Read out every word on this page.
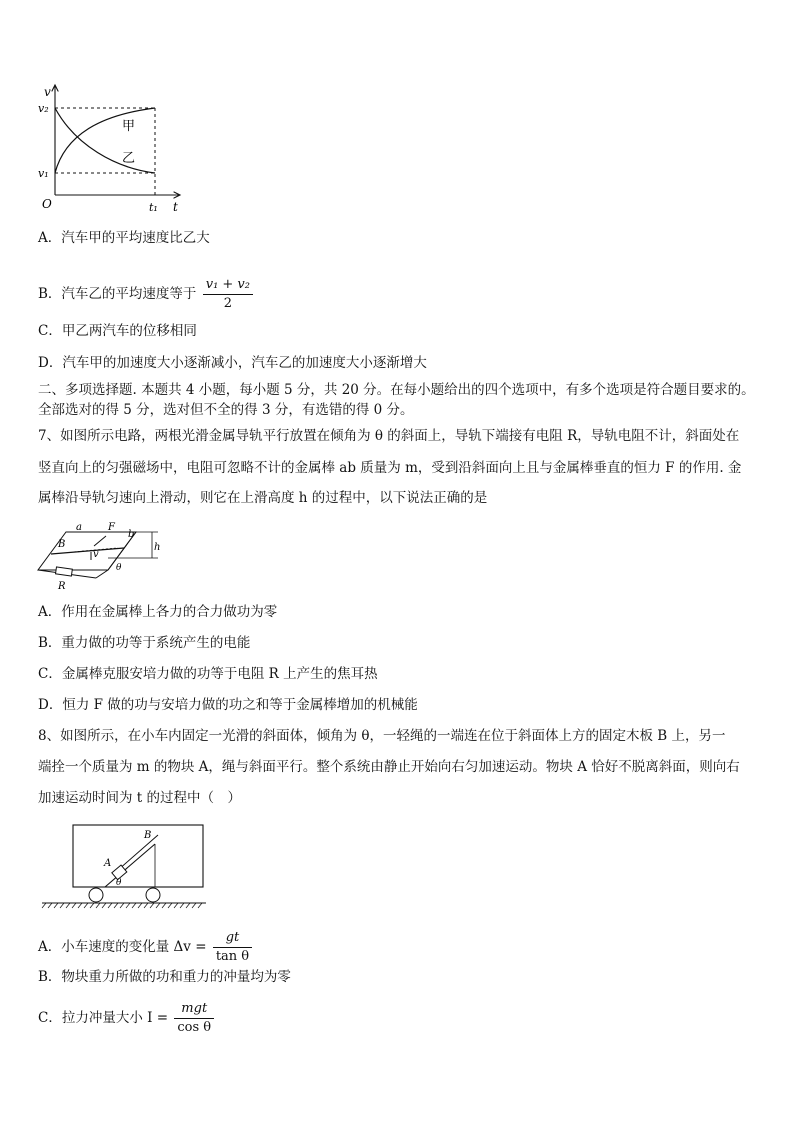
v
v₂
v₁
O	t₁ t
甲
乙
A．汽车甲的平均速度比乙大
B．汽车乙的平均速度等于 $\frac{\text{v₁ + v₂}}{2}$
C．甲乙两汽车的位移相同
D．汽车甲的加速度大小逐渐减小，汽车乙的加速度大小逐渐增大
二、多项选择题. 本题共 4 小题，每小题 5 分，共 20 分。在每小题给出的四个选项中，有多个选项是符合题目要求的。
全部选对的得 5 分，选对但不全的得 3 分，有选错的得 0 分。
7、如图所示电路，两根光滑金属导轨平行放置在倾角为 θ 的斜面上，导轨下端接有电阻 R，导轨电阻不计，斜面处在
竖直向上的匀强磁场中，电阻可忽略不计的金属棒 ab 质量为 m，受到沿斜面向上且与金属棒垂直的恒力 F 的作用. 金
属棒沿导轨匀速向上滑动，则它在上滑高度 h 的过程中，以下说法正确的是
a	F
b
B
v
h
θ
R
A．作用在金属棒上各力的合力做功为零
B．重力做的功等于系统产生的电能
C．金属棒克服安培力做的功等于电阻 R 上产生的焦耳热
D．恒力 F 做的功与安培力做的功之和等于金属棒增加的机械能
8、如图所示，在小车内固定一光滑的斜面体，倾角为 θ，一轻绳的一端连在位于斜面体上方的固定木板 B 上，另一
端拴一个质量为 m 的物块 A，绳与斜面平行。整个系统由静止开始向右匀加速运动。物块 A 恰好不脱离斜面，则向右
加速运动时间为 t 的过程中（　）
B
A
θ
A．小车速度的变化量 $\Delta v = \frac{gt}{\text{tan θ}}$
B．物块重力所做的功和重力的冲量均为零
C．拉力冲量大小 $I = \frac{\text{mgt}}{\text{cos θ}}$
